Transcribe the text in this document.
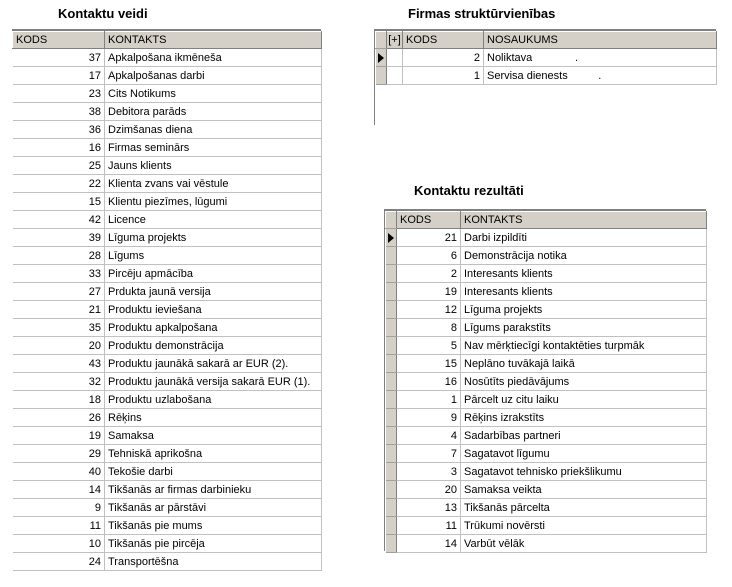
Kontaktu veidi
KODS	KONTAKTS
37	Apkalpošana ikmēneša
17	Apkalpošanas darbi
23	Cits Notikums
38	Debitora parāds
36	Dzimšanas diena
16	Firmas seminārs
25	Jauns klients
22	Klienta zvans vai vēstule
15	Klientu piezīmes, lūgumi
42	Licence
39	Līguma projekts
28	Līgums
33	Pircēju apmācība
27	Prdukta jaunā versija
21	Produktu ieviešana
35	Produktu apkalpošana
20	Produktu demonstrācija
43	Produktu jaunākā sakarā ar EUR (2).
32	Produktu jaunākā versija sakarā EUR (1).
18	Produktu uzlabošana
26	Rēķins
19	Samaksa
29	Tehniskā aprikošna
40	Tekošie darbi
14	Tikšanās ar firmas darbinieku
9	Tikšanās ar pārstāvi
11	Tikšanās pie mums
10	Tikšanās pie pircēja
24	Transportēšna
Firmas struktūrvienības
	[+]	KODS	NOSAUKUMS
		2	Noliktava              .
		1	Servisa dienests          .
Kontaktu rezultāti
	KODS	KONTAKTS
	21	Darbi izpildīti
	6	Demonstrācija notika
	2	Interesants klients
	19	Interesants klients
	12	Līguma projekts
	8	Līgums parakstīts
	5	Nav mērķtiecīgi kontaktēties turpmāk
	15	Neplāno tuvākajā laikā
	16	Nosūtīts piedāvājums
	1	Pārcelt uz citu laiku
	9	Rēķins izrakstīts
	4	Sadarbības partneri
	7	Sagatavot līgumu
	3	Sagatavot tehnisko priekšlikumu
	20	Samaksa veikta
	13	Tikšanās pārcelta
	11	Trūkumi novērsti
	14	Varbūt vēlāk
